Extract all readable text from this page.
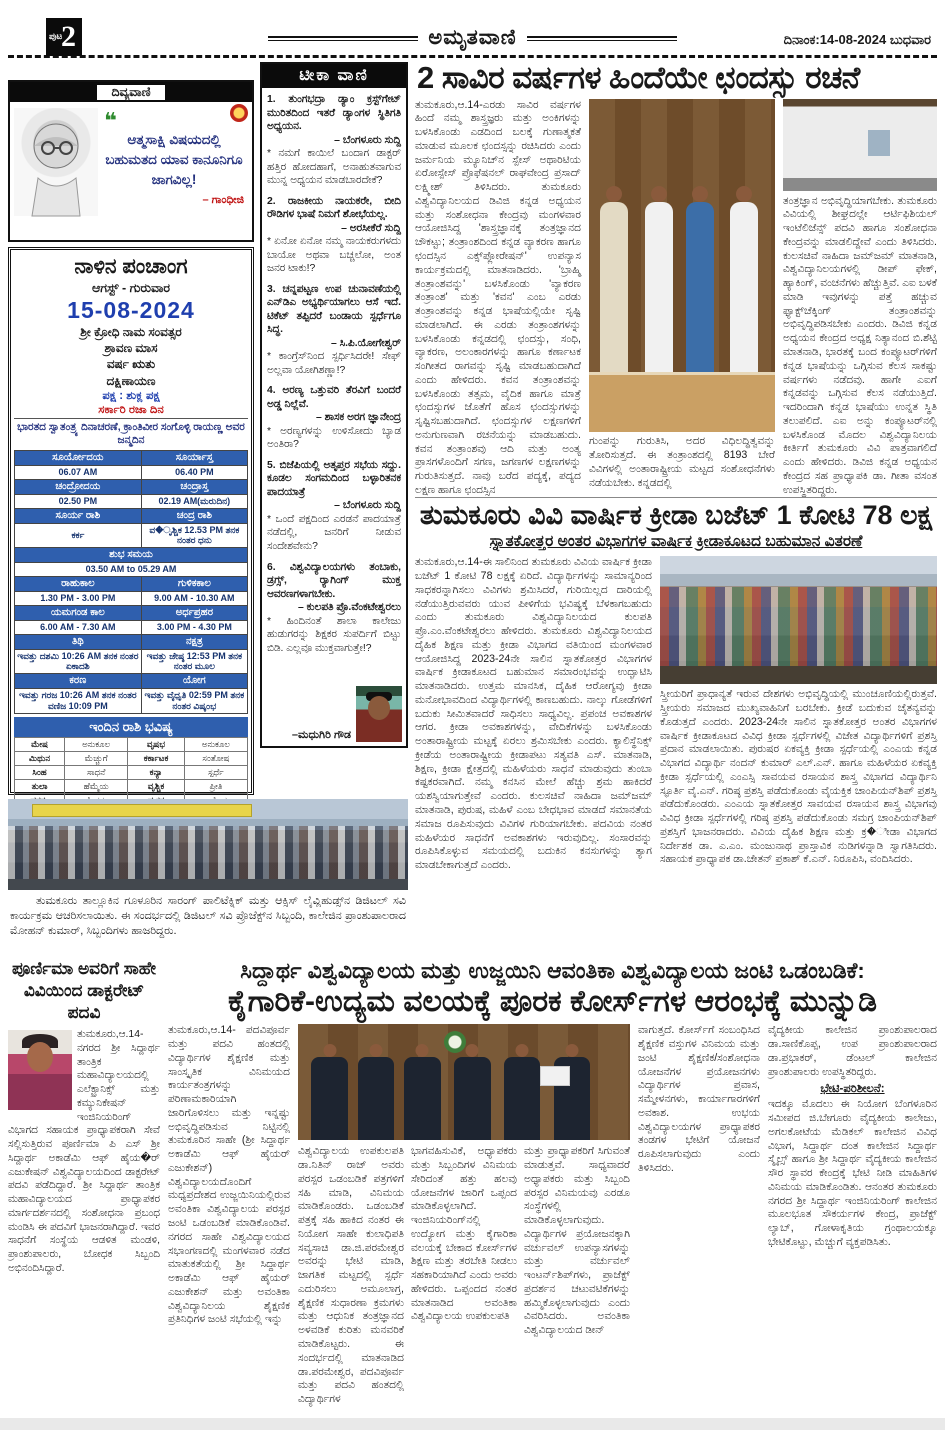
ಪುಟ
2	ಅಮೃತವಾಣಿ	ದಿನಾಂಕ:14-08-2024 ಬುಧವಾರ
ದಿವ್ಯವಾಣಿ
❝
ಆತ್ಮಸಾಕ್ಷಿ ವಿಷಯದಲ್ಲಿ ಬಹುಮತದ ಯಾವ ಕಾನೂನಿಗೂ ಜಾಗವಿಲ್ಲ!
– ಗಾಂಧೀಜಿ
ನಾಳಿನ ಪಂಚಾಂಗ
ಆಗಸ್ಟ್ - ಗುರುವಾರ
15-08-2024
ಶ್ರೀ ಕ್ರೋಧಿ ನಾಮ ಸಂವತ್ಸರ
ಶ್ರಾವಣ ಮಾಸ
ವರ್ಷ ಋತು
ದಕ್ಷಿಣಾಯಣ
ಪಕ್ಷ : ಶುಕ್ಲ ಪಕ್ಷ
ಸರ್ಕಾರಿ ರಜಾ ದಿನ
ಭಾರತದ ಸ್ವಾತಂತ್ರ್ಯ ದಿನಾಚರಣೆ, ಕ್ರಾಂತಿವೀರ ಸಂಗೊಳ್ಳಿ ರಾಯಣ್ಣ ಅವರ ಜನ್ಮದಿನ
ಸೂರ್ಯೋದಯ	ಸೂರ್ಯಾಸ್ತ
06.07 AM	06.40 PM
ಚಂದ್ರೋದಯ	ಚಂದ್ರಾಸ್ತ
02.50 PM	02.19 AM(ಮರುದಿನ)
ಸೂರ್ಯ ರಾಶಿ	ಚಂದ್ರ ರಾಶಿ
ಕರ್ಕ	ವ�ೃಶ್ಚಿಕ 12.53 PM ತನಕ ನಂತರ ಧನು
ಶುಭ ಸಮಯ	
03.50 AM to 05.29 AM	
ರಾಹುಕಾಲ	ಗುಳಿಕಕಾಲ
1.30 PM - 3.00 PM	9.00 AM - 10.30 AM
ಯಮಗಂಡ ಕಾಲ	ಅರ್ಧಪ್ರಹರ
6.00 AM - 7.30 AM	3.00 PM - 4.30 PM
ತಿಥಿ	ನಕ್ಷತ್ರ
ಇವತ್ತು ದಶಮಿ 10:26 AM ತನಕ ನಂತರ ಏಕಾದಶಿ	ಇವತ್ತು ಜೇಷ್ಠ 12:53 PM ತನಕ ನಂತರ ಮೂಲ
ಕರಣ	ಯೋಗ
ಇವತ್ತು ಗರಜ 10:26 AM ತನಕ ನಂತರ ವಣಿಜ 10:09 PM	ಇವತ್ತು ವೈಧೃತಿ 02:59 PM ತನಕ ನಂತರ ವಿಷ್ಕಂಭ
ಇಂದಿನ ರಾಶಿ ಭವಿಷ್ಯ
ಮೇಷ	ಅನುಕೂಲ	ವೃಷಭ	ಅನುಕೂಲ
ಮಿಥುನ	ಮೆಚ್ಚುಗೆ	ಕರ್ಕಾಟಕ	ಸಂತೋಷ
ಸಿಂಹ	ಸಾಧನೆ	ಕನ್ಯಾ	ಸ್ಪರ್ಧೆ
ತುಲಾ	ಹೆಮ್ಮೆಯ	ವೃಶ್ಚಿಕ	ಪ್ರೀತಿ

ಟೀಕಾ ವಾಣಿ
1. ತುಂಗಭದ್ರಾ ಡ್ಯಾಂ ಕ್ರಸ್ಟ್‌ಗೇಟ್ ಮುರಿತದಿಂದ ಇತರೆ ಡ್ಯಾಂಗಳ ಸ್ಥಿತಿಗತಿ ಅಧ್ಯಯನ.
– ಬೆಂಗಳೂರು ಸುದ್ದಿ
* ನಮಗೆ ಕಾಯಿಲೆ ಬಂದಾಗ ಡಾಕ್ಟರ್ ಹತ್ತಿರ ಹೋದಹಾಗೆ, ಅನಾಹುತವಾಗುವ ಮುನ್ನ ಅಧ್ಯಯನ ಮಾಡಬಾರದೇಕೆ?
2. ರಾಜಕೀಯ ನಾಯಕರೇ, ಬೀದಿ ರೌಡಿಗಳ ಭಾಷೆ ನಿಮಗೆ ಶೋಭೆಯಲ್ಲ.
– ಅರಸೀಕೆರೆ ಸುದ್ದಿ
* ಏನೋ ಏನೋ ನಮ್ಮ ನಾಯಕರುಗಳದು ಬಾಯೋ ಅಥವಾ ಬಚ್ಚಲೋ, ಅಂತ ಜನರ ಟಾಕು!?
3. ಚನ್ನಪಟ್ಟಣ ಉಪ ಚುನಾವಣೆಯಲ್ಲಿ ಎನ್‌ಡಿಎ ಅಭ್ಯರ್ಥಿಯಾಗಲು ಆಸೆ ಇದೆ. ಟಿಕೆಟ್ ತಪ್ಪಿದರೆ ಬಂಡಾಯ ಸ್ಪರ್ಧೆಗೂ ಸಿದ್ಧ.
– ಸಿ.ಪಿ.ಯೋಗೇಶ್ವರ್
* ಕಾಂಗ್ರೆಸ್‌ನಿಂದ ಸ್ಪರ್ಧಿಸಿದರೇ! ಸೇಫ್ ಅಲ್ಲವಾ ಯೋಗಿಶಣ್ಣಾ!?
4. ಅರಣ್ಯ ಒತ್ತುವರಿ ತೆರವಿಗೆ ಬಂದರೆ ಅಡ್ಡ ನಿಲ್ಲೆವೆ.
– ಶಾಸಕ ಅರಗ ಜ್ಞಾನೇಂದ್ರ
* ಅರಣ್ಯಗಳನ್ನು ಉಳಿಸೋದು ಬ್ಯಾಡ ಅಂತಿರಾ?
5. ಬಿಜೆಪಿಯಲ್ಲಿ ಅತೃಪ್ತರ ಸಭೆಯ ಸದ್ದು. ಕೂಡಲ ಸಂಗಮದಿಂದ ಬಳ್ಳಾರಿತನಕ ಪಾದಯಾತ್ರೆ
– ಬೆಂಗಳೂರು ಸುದ್ದಿ
* ಒಂದೆ ಪಕ್ಷದಿಂದ ಎರಡನೆ ಪಾದಯಾತ್ರೆ ನಡೆದಲ್ಲಿ, ಜನರಿಗೆ ನೀಡುವ ಸಂದೇಶವೇನು?
6. ವಿಶ್ವವಿದ್ಯಾಲಯಗಳು ತಂಬಾಕು, ಡ್ರಗ್ಸ್, ರ‍್ಯಾಗಿಂಗ್ ಮುಕ್ತ ಆವರಣಗಳಾಗಬೇಕು.
– ಕುಲಪತಿ ಪ್ರೊ.ವೆಂಕಟೇಶ್ವರಲು
* ಹಿಂದಿನಂತೆ ಶಾಲಾ ಕಾಲೇಜು ಹುಡುಗರನ್ನು ಶಿಕ್ಷಕರ ಸುಪರ್ದಿಗೆ ಬಿಟ್ಟು ಬಿಡಿ. ಎಲ್ಲವೂ ಮುಕ್ತವಾಗುತ್ತೇ!?
–ಮಧುಗಿರಿ ಗೌಡ
ತುಮಕೂರು ತಾಲ್ಲೂಕಿನ ಗೂಳೂರಿನ ಸಾರಂಗ್ ಪಾಲಿಟೆಕ್ನಿಕ್ ಮತ್ತು ಆಕ್ಸಿಸ್ ಲೈವ್ಲಿಹುಡ್ಸ್‌ನ ಡಿಜಿಟಲ್ ಸವಿ ಕಾರ್ಯಕ್ರಮ ಆಚರಿಸಲಾಯಿತು. ಈ ಸಂದರ್ಭದಲ್ಲಿ ಡಿಜಿಟಲ್ ಸವಿ ಪ್ರೊಜೆಕ್ಟ್‌ನ ಸಿಬ್ಬಂದಿ, ಕಾಲೇಜಿನ ಪ್ರಾಂಶುಪಾಲರಾದ ಮೋಹನ್ ಕುಮಾರ್, ಸಿಬ್ಬಂದಿಗಳು ಹಾಜರಿದ್ದರು.
2 ಸಾವಿರ ವರ್ಷಗಳ ಹಿಂದೆಯೇ ಛಂದಸ್ಸು ರಚನೆ
ತುಮಕೂರು,ಆ.14-ಎರಡು ಸಾವಿರ ವರ್ಷಗಳ ಹಿಂದೆ ನಮ್ಮ ಶಾಸ್ತ್ರಜ್ಞರು ಮತ್ತು ಅಂಕಿಗಳನ್ನು ಬಳಸಿಕೊಂಡು ಎಡದಿಂದ ಬಲಕ್ಕೆ ಗುಣಾತ್ಮಕತೆ ಮಾಡುವ ಮೂಲಕ ಛಂದಸ್ಸನ್ನು ರಚಿಸಿದರು ಎಂದು ಜರ್ಮನಿಯ ಮ್ಯೂನಿಚ್‌ನ ಸ್ಪೇಸ್ ಅಥಾರಿಟಿಯ ಏರೋಸ್ಪೇಸ್ ಪ್ರೊಫೆಷನಲ್ ರಾಘವೇಂದ್ರ ಪ್ರಸಾದ್ ಲಕ್ಷ್ಮೀಶ್ ತಿಳಿಸಿದರು. ತುಮಕೂರು ವಿಶ್ವವಿದ್ಯಾನಿಲಯದ ಡಿವಿಜಿ ಕನ್ನಡ ಅಧ್ಯಯನ ಮತ್ತು ಸಂಶೋಧನಾ ಕೇಂದ್ರವು ಮಂಗಳವಾರ ಆಯೋಜಿಸಿದ್ದ 'ಶಾಸ್ತ್ರಜ್ಞಾನಕ್ಕೆ ತಂತ್ರಜ್ಞಾನದ ಚೌಕಟ್ಟು; ತಂತ್ರಾಂಶದಿಂದ ಕನ್ನಡ ವ್ಯಾಕರಣ ಹಾಗೂ ಛಂದಸ್ಸಿನ ಎಕ್ಸ್‌ಪ್ಲೋರೇಷನ್' ಉಪನ್ಯಾಸ ಕಾರ್ಯಕ್ರಮದಲ್ಲಿ ಮಾತನಾಡಿದರು. 'ಬ್ರಾಹ್ಮಿ ತಂತ್ರಾಂಶವನ್ನು' ಬಳಸಿಕೊಂಡು 'ವ್ಯಾಕರಣ ತಂತ್ರಾಂಶ' ಮತ್ತು 'ಕವನ' ಎಂಬ ಎರಡು ತಂತ್ರಾಂಶವನ್ನು ಕನ್ನಡ ಭಾಷೆಯಲ್ಲಿಯೇ ಸೃಷ್ಟಿ ಮಾಡಲಾಗಿದೆ. ಈ ಎರಡು ತಂತ್ರಾಂಶಗಳನ್ನು ಬಳಸಿಕೊಂಡು ಕನ್ನಡದಲ್ಲಿ ಛಂದಸ್ಸು, ಸಂಧಿ, ವ್ಯಾಕರಣ, ಅಲಂಕಾರಗಳನ್ನು ಹಾಗೂ ಕರ್ಣಾಟಕ ಸಂಗೀತದ ರಾಗವನ್ನು ಸೃಷ್ಟಿ ಮಾಡಬಹುದಾಗಿದೆ ಎಂದು ಹೇಳಿದರು. ಕವನ ತಂತ್ರಾಂಶವನ್ನು ಬಳಸಿಕೊಂಡು ತತ್ಸಮ, ವೈದಿಕ ಹಾಗೂ ಮಾತ್ರೆ ಛಂದಸ್ಸುಗಳ ಜೊತೆಗೆ ಹೊಸ ಛಂದಸ್ಸುಗಳನ್ನು ಸೃಷ್ಟಿಸಬಹುದಾಗಿದೆ. ಛಂದಸ್ಸುಗಳ ಲಕ್ಷಣಗಳಿಗೆ ಅನುಗುಣವಾಗಿ ರಚನೆಯನ್ನು ಮಾಡಬಹುದು. ಕವನ ತಂತ್ರಾಂಶವು ಆದಿ ಮತ್ತು ಅಂತ್ಯ ಪ್ರಾಸಗಳೊಂದಿಗೆ ಸಗಣ, ಜಗಣಗಳ ಲಕ್ಷಣಗಳನ್ನು ಗುರುತಿಸುತ್ತದೆ. ನಾವು ಬರೆದ ಪದ್ಯಕ್ಕೆ, ಪದ್ಯದ ಲಕ್ಷಣ ಹಾಗೂ ಛಂದಸ್ಸಿನ
ಗುಂಪನ್ನು ಗುರುತಿಸಿ, ಅದರ ವಿಧಿಲದ್ಧಿತ್ವವನ್ನು ತೋರಿಸುತ್ತದೆ. ಈ ತಂತ್ರಾಂಶದಲ್ಲಿ 8193 ಬೇರೆ ವಿವಿಗಳಲ್ಲಿ ಅಂತಾರಾಷ್ಟ್ರೀಯ ಮಟ್ಟದ ಸಂಶೋಧನೆಗಳು ನಡೆಯಬೇಕು. ಕನ್ನಡದಲ್ಲಿ
ತಂತ್ರಜ್ಞಾನ ಅಭಿವೃದ್ಧಿಯಾಗಬೇಕು. ತುಮಕೂರು ವಿವಿಯಲ್ಲಿ ಶೀಘ್ರದಲ್ಲೇ ಆರ್ಟಿಫಿಶಿಯಲ್ ಇಂಟೆಲಿಜೆನ್ಸ್ ಪದವಿ ಹಾಗೂ ಸಂಶೋಧನಾ ಕೇಂದ್ರವನ್ನು ಮಾಡಲಿದ್ದೇವೆ ಎಂದು ತಿಳಿಸಿದರು. ಕುಲಸಚಿವೆ ನಾಹಿದಾ ಜಮ್‌ಜಮ್ ಮಾತನಾಡಿ, ವಿಶ್ವವಿದ್ಯಾನಿಲಯಗಳಲ್ಲಿ ಡೀಪ್ ಫೇಕ್, ಹ್ಯಾಕಿಂಗ್, ವಂಚನೆಗಳು ಹೆಚ್ಚುತ್ತಿವೆ. ಎಐ ಬಳಕೆ ಮಾಡಿ ಇವುಗಳನ್ನು ಪತ್ತೆ ಹಚ್ಚುವ ಫ್ಯಾಕ್ಟ್‌ಚೆಕ್ಕಿಂಗ್ ತಂತ್ರಾಂಶವನ್ನು ಅಭಿವೃದ್ಧಿಪಡಿಸಬೇಕು ಎಂದರು. ಡಿವಿಜಿ ಕನ್ನಡ ಅಧ್ಯಯನ ಕೇಂದ್ರದ ಅಧ್ಯಕ್ಷ ನಿತ್ಯಾನಂದ ಬಿ.ಶೆಟ್ಟಿ ಮಾತನಾಡಿ, ಭಾರತಕ್ಕೆ ಬಂದ ಕಂಪ್ಯೂಟರ್‌ಗಳಿಗೆ ಕನ್ನಡ ಭಾಷೆಯನ್ನು ಒಗ್ಗಿಸುವ ಕೆಲಸ ಸಾಕಷ್ಟು ವರ್ಷಗಳು ನಡೆದವು. ಹಾಗೇ ಎಐಗೆ ಕನ್ನಡವನ್ನು ಒಗ್ಗಿಸುವ ಕೆಲಸ ನಡೆಯುತ್ತಿದೆ. ಇದರಿಂದಾಗಿ ಕನ್ನಡ ಭಾಷೆಯು ಉನ್ನತ ಸ್ಥಿತಿ ತಲುಪಲಿದೆ. ಎಐ ಅನ್ನು ಕಂಪ್ಯೂಟರ್‌ನಲ್ಲಿ ಬಳಸಿಕೊಂಡ ಮೊದಲ ವಿಶ್ವವಿದ್ಯಾನಿಲಯ ಕೀರ್ತಿಗೆ ತುಮಕೂರು ವಿವಿ ಪಾತ್ರವಾಗಲಿದೆ ಎಂದು ಹೇಳಿದರು. ಡಿವಿಜಿ ಕನ್ನಡ ಅಧ್ಯಯನ ಕೇಂದ್ರದ ಸಹ ಪ್ರಾಧ್ಯಾಪಕಿ ಡಾ. ಗೀತಾ ವಸಂತ ಉಪಸ್ಥಿತರಿದ್ದರು.
ತುಮಕೂರು ವಿವಿ ವಾರ್ಷಿಕ ಕ್ರೀಡಾ ಬಜೆಟ್ 1 ಕೋಟಿ 78 ಲಕ್ಷ
ಸ್ನಾತಕೋತ್ತರ ಅಂತರ ವಿಭಾಗಗಳ ವಾರ್ಷಿಕ ಕ್ರೀಡಾಕೂಟದ ಬಹುಮಾನ ವಿತರಣೆ
ತುಮಕೂರು,ಆ.14-ಈ ಸಾಲಿನಿಂದ ತುಮಕೂರು ವಿವಿಯ ವಾರ್ಷಿಕ ಕ್ರೀಡಾ ಬಜೆಟ್ 1 ಕೋಟಿ 78 ಲಕ್ಷಕ್ಕೆ ಏರಿದೆ. ವಿದ್ಯಾರ್ಥಿಗಳನ್ನು ಸಾಮಾನ್ಯರಿಂದ ಸಾಧಕರನ್ನಾಗಿಸಲು ವಿವಿಗಳು ಶ್ರಮಿಸಿದರೆ, ಗುರಿಯಿಲ್ಲದ ದಾರಿಯಲ್ಲಿ ನಡೆಯುತ್ತಿರುವವರು ಯುವ ಪೀಳಿಗೆಯ ಭವಿಷ್ಯಕ್ಕೆ ಬೆಳಕಾಗಬಹುದು ಎಂದು ತುಮಕೂರು ವಿಶ್ವವಿದ್ಯಾನಿಲಯದ ಕುಲಪತಿ ಪ್ರೊ.ಎಂ.ವೆಂಕಟೇಶ್ವರಲು ಹೇಳಿದರು. ತುಮಕೂರು ವಿಶ್ವವಿದ್ಯಾನಿಲಯದ ದೈಹಿಕ ಶಿಕ್ಷಣ ಮತ್ತು ಕ್ರೀಡಾ ವಿಭಾಗದ ವತಿಯಿಂದ ಮಂಗಳವಾರ ಆಯೋಜಿಸಿದ್ದ 2023-24ನೇ ಸಾಲಿನ ಸ್ನಾತಕೋತ್ತರ ವಿಭಾಗಗಳ ವಾರ್ಷಿಕ ಕ್ರೀಡಾಕೂಟದ ಬಹುಮಾನ ಸಮಾರಂಭವನ್ನು ಉದ್ಘಾಟಿಸಿ ಮಾತನಾಡಿದರು. ಉತ್ತಮ ಮಾನಸಿಕ, ದೈಹಿಕ ಆರೋಗ್ಯವು ಕ್ರೀಡಾ ಮನೋಭಾವದಿಂದ ವಿದ್ಯಾರ್ಥಿಗಳಲ್ಲಿ ಕಾಣಬಹುದು. ನಾಲ್ಕು ಗೋಡೆಗಳಿಗೆ ಬದುಕು ಸೀಮಿತವಾದರೆ ಸಾಧಿಸಲು ಸಾಧ್ಯವಿಲ್ಲ. ಪ್ರಪಂಚ ಅವಕಾಶಗಳ ಆಗರ. ಕ್ರೀಡಾ ಅವಕಾಶಗಳನ್ನು, ವೇದಿಕೆಗಳನ್ನು ಬಳಸಿಕೊಂಡು ಅಂತಾರಾಷ್ಟ್ರೀಯ ಮಟ್ಟಕ್ಕೆ ಏರಲು ಶ್ರಮಿಸಬೇಕು ಎಂದರು. ಕ್ಯಾಲಿಸ್ಥೆನಿಕ್ಸ್ ಕ್ರೀಡೆಯ ಅಂತಾರಾಷ್ಟ್ರೀಯ ಕ್ರೀಡಾಪಟು ಸತ್ಯವತಿ ಎಸ್. ಮಾತನಾಡಿ, ಶಿಕ್ಷಣ, ಕ್ರೀಡಾ ಕ್ಷೇತ್ರದಲ್ಲಿ ಮಹಿಳೆಯರು ಸಾಧನೆ ಮಾಡುವುದು ತುಂಬಾ ಕಷ್ಟಕರವಾಗಿದೆ. ನಮ್ಮ ಕನಸಿನ ಮೇಲೆ ಹೆಚ್ಚು ಶ್ರಮ ಹಾಕಿದರೆ ಯಶಸ್ವಿಯಾಗುತ್ತೇವೆ ಎಂದರು. ಕುಲಸಚಿವೆ ನಾಹಿದಾ ಜಮ್‌ಜಮ್ ಮಾತನಾಡಿ, ಪುರುಷ, ಮಹಿಳೆ ಎಂಬ ಬೇಧಭಾವ ಮಾಡದೆ ಸಮಾನತೆಯ ಸಮಾಜ ರೂಪಿಸುವುದು ವಿವಿಗಳ ಗುರಿಯಾಗಬೇಕು. ಪದವಿಯ ನಂತರ ಮಹಿಳೆಯರ ಸಾಧನೆಗೆ ಅವಕಾಶಗಳು ಇರುವುದಿಲ್ಲ. ಸಂಸಾರವನ್ನು ರೂಪಿಸಿಕೊಳ್ಳುವ ಸಮಯದಲ್ಲಿ ಬದುಕಿನ ಕನಸುಗಳನ್ನು ತ್ಯಾಗ ಮಾಡಬೇಕಾಗುತ್ತದೆ ಎಂದರು.
ಸ್ತ್ರೀಯರಿಗೆ ಪ್ರಾಧಾನ್ಯತೆ ಇರುವ ದೇಶಗಳು ಅಭಿವೃದ್ಧಿಯಲ್ಲಿ ಮುಂಚೂಣಿಯಲ್ಲಿರುತ್ತವೆ. ಸ್ತ್ರೀಯರು ಸಮಾಜದ ಮುಖ್ಯವಾಹಿನಿಗೆ ಬರಬೇಕು. ಕ್ರೀಡೆ ಬದುಕುವ ಚೈತನ್ಯವನ್ನು ಕೊಡುತ್ತದೆ ಎಂದರು. 2023-24ನೇ ಸಾಲಿನ ಸ್ನಾತಕೋತ್ತರ ಅಂತರ ವಿಭಾಗಗಳ ವಾರ್ಷಿಕ ಕ್ರೀಡಾಕೂಟದ ವಿವಿಧ ಕ್ರೀಡಾ ಸ್ಪರ್ಧೆಗಳಲ್ಲಿ ವಿಜೇತ ವಿದ್ಯಾರ್ಥಿಗಳಿಗೆ ಪ್ರಶಸ್ತಿ ಪ್ರದಾನ ಮಾಡಲಾಯಿತು. ಪುರುಷರ ಏಕವ್ಯಕ್ತಿ ಕ್ರೀಡಾ ಸ್ಪರ್ಧೆಯಲ್ಲಿ ಎಂಎಯ ಕನ್ನಡ ವಿಭಾಗದ ವಿದ್ಯಾರ್ಥಿ ನಂದನ್ ಕುಮಾರ್ ಎಲ್.ಎನ್. ಹಾಗೂ ಮಹಿಳೆಯರ ಏಕವ್ಯಕ್ತಿ ಕ್ರೀಡಾ ಸ್ಪರ್ಧೆಯಲ್ಲಿ ಎಂಎಸ್ಸಿ ಸಾವಯವ ರಸಾಯನ ಶಾಸ್ತ್ರ ವಿಭಾಗದ ವಿದ್ಯಾರ್ಥಿನಿ ಸ್ಫೂರ್ತಿ ವೈ.ಎನ್. ಗರಿಷ್ಠ ಪ್ರಶಸ್ತಿ ಪಡೆದುಕೊಂಡು ವೈಯಕ್ತಿಕ ಚಾಂಪಿಯನ್‌ಶಿಪ್ ಪ್ರಶಸ್ತಿ ಪಡೆದುಕೊಂಡರು. ಎಂಎಯ ಸ್ನಾತಕೋತ್ತರ ಸಾವಯವ ರಸಾಯನ ಶಾಸ್ತ್ರ ವಿಭಾಗವು ವಿವಿಧ ಕ್ರೀಡಾ ಸ್ಪರ್ಧೆಗಳಲ್ಲಿ ಗರಿಷ್ಠ ಪ್ರಶಸ್ತಿ ಪಡೆದುಕೊಂಡು ಸಮಗ್ರ ಚಾಂಪಿಯನ್‌ಶಿಪ್ ಪ್ರಶಸ್ತಿಗೆ ಭಾಜನರಾದರು. ವಿವಿಯ ದೈಹಿಕ ಶಿಕ್ಷಣ ಮತ್ತು ಕ್ರ�ೀಡಾ ವಿಭಾಗದ ನಿರ್ದೇಶಕ ಡಾ. ಎ.ಎಂ. ಮಂಜುನಾಥ ಪ್ರಾಸ್ತಾವಿಕ ನುಡಿಗಳನ್ನಾಡಿ ಸ್ವಾಗತಿಸಿದರು. ಸಹಾಯಕ ಪ್ರಾಧ್ಯಾಪಕ ಡಾ.ಚೇತನ್ ಪ್ರಕಾಶ್ ಕೆ.ಎನ್. ನಿರೂಪಿಸಿ, ವಂದಿಸಿದರು.
ಪೂರ್ಣಿಮಾ ಅವರಿಗೆ ಸಾಹೇ ವಿವಿಯಿಂದ ಡಾಕ್ಟರೇಟ್ ಪದವಿ
ತುಮಕೂರು,ಆ.14- ನಗರದ ಶ್ರೀ ಸಿದ್ದಾರ್ಥ ತಾಂತ್ರಿಕ ಮಹಾವಿದ್ಯಾಲಯದಲ್ಲಿ ಎಲೆಕ್ಟ್ರಾನಿಕ್ಸ್ ಮತ್ತು ಕಮ್ಯುನಿಕೇಷನ್ ಇಂಜಿನಿಯರಿಂಗ್ ವಿಭಾಗದ ಸಹಾಯಕ ಪ್ರಾಧ್ಯಾಪಕರಾಗಿ ಸೇವೆ ಸಲ್ಲಿಸುತ್ತಿರುವ ಪೂರ್ಣಿಮಾ ಪಿ ಎಸ್ ಶ್ರೀ ಸಿದ್ದಾರ್ಥ ಅಕಾಡೆಮಿ ಆಫ್ ಹೈಯ�ರ್ ಎಜುಕೇಷನ್ ವಿಶ್ವವಿದ್ಯಾಲಯದಿಂದ ಡಾಕ್ಟರೇಟ್ ಪದವಿ ಪಡೆದಿದ್ದಾರೆ. ಶ್ರೀ ಸಿದ್ದಾರ್ಥ ತಾಂತ್ರಿಕ ಮಹಾವಿದ್ಯಾಲಯದ ಪ್ರಾಧ್ಯಾಪಕರ ಮಾರ್ಗದರ್ಶನದಲ್ಲಿ ಸಂಶೋಧನಾ ಪ್ರಬಂಧ ಮಂಡಿಸಿ ಈ ಪದವಿಗೆ ಭಾಜನರಾಗಿದ್ದಾರೆ. ಇವರ ಸಾಧನೆಗೆ ಸಂಸ್ಥೆಯ ಆಡಳಿತ ಮಂಡಳಿ, ಪ್ರಾಂಶುಪಾಲರು, ಬೋಧಕ ಸಿಬ್ಬಂದಿ ಅಭಿನಂದಿಸಿದ್ದಾರೆ.
ಸಿದ್ದಾರ್ಥ ವಿಶ್ವವಿದ್ಯಾಲಯ ಮತ್ತು ಉಜ್ಜಯಿನಿ ಆವಂತಿಕಾ ವಿಶ್ವವಿದ್ಯಾಲಯ ಜಂಟಿ ಒಡಂಬಡಿಕೆ:
ಕೈಗಾರಿಕೆ-ಉದ್ಯಮ ವಲಯಕ್ಕೆ ಪೂರಕ ಕೋರ್ಸ್‌ಗಳ ಆರಂಭಕ್ಕೆ ಮುನ್ನುಡಿ
ತುಮಕೂರು,ಆ.14- ಪದವಿಪೂರ್ವ ಮತ್ತು ಪದವಿ ಹಂತದಲ್ಲಿ ವಿದ್ಯಾರ್ಥಿಗಳ ಶೈಕ್ಷಣಿಕ ಮತ್ತು ಸಾಂಸ್ಕೃತಿಕ ವಿನಿಮಯದ ಕಾರ್ಯತಂತ್ರಗಳನ್ನು ಪರಿಣಾಮಕಾರಿಯಾಗಿ ಜಾರಿಗೊಳಿಸಲು ಮತ್ತು ಇನ್ನಷ್ಟು ಅಭಿವೃದ್ಧಿಪಡಿಸುವ ನಿಟ್ಟಿನಲ್ಲಿ ತುಮಕೂರಿನ ಸಾಹೇ (ಶ್ರೀ ಸಿದ್ದಾರ್ಥ ಅಕಾಡೆಮಿ ಆಫ್ ಹೈಯರ್ ಎಜುಕೇಶನ್) ವಿಶ್ವವಿದ್ಯಾಲಯದೊಂದಿಗೆ ಮಧ್ಯಪ್ರದೇಶದ ಉಜ್ಜಯಿನಿಯಲ್ಲಿರುವ ಅವಂತಿಕಾ ವಿಶ್ವವಿದ್ಯಾಲಯ ಪರಸ್ಪರ ಜಂಟಿ ಒಡಂಬಡಿಕೆ ಮಾಡಿಕೊಂಡಿವೆ. ನಗರದ ಸಾಹೇ ವಿಶ್ವವಿದ್ಯಾಲಯದ ಸಭಾಂಗಣದಲ್ಲಿ ಮಂಗಳವಾರ ನಡೆದ ಮಾತುಕತೆಯಲ್ಲಿ ಶ್ರೀ ಸಿದ್ದಾರ್ಥ ಅಕಾಡೆಮಿ ಆಫ್ ಹೈಯರ್ ಎಜುಕೇಶನ್ ಮತ್ತು ಅವಂತಿಕಾ ವಿಶ್ವವಿದ್ಯಾನಿಲಯ ಶೈಕ್ಷಣಿಕ ಪ್ರತಿನಿಧಿಗಳ ಜಂಟಿ ಸಭೆಯಲ್ಲಿ ಇನ್ನು
ವಿಶ್ವವಿದ್ಯಾಲಯ ಉಪಕುಲಪತಿ ಡಾ.ನಿತಿನ್ ರಾಜ್ ಅವರು ಪರಸ್ಪರ ಒಡಂಬಡಿಕೆ ಪತ್ರಗಳಿಗೆ ಸಹಿ ಮಾಡಿ, ವಿನಿಮಯ ಮಾಡಿಕೊಂಡರು. ಒಡಂಬಡಿಕೆ ಪತ್ರಕ್ಕೆ ಸಹಿ ಹಾಕಿದ ನಂತರ ಈ ನಿಯೋಗ ಸಾಹೇ ಕುಲಾಧಿಪತಿ ಸವ್ಯಸಾಚಿ ಡಾ.ಜಿ.ಪರಮೇಶ್ವರ ಅವರನ್ನು ಭೇಟಿ ಮಾಡಿ, ಜಾಗತಿಕ ಮಟ್ಟದಲ್ಲಿ ಸ್ಪರ್ಧೆ ಎದುರಿಸಲು ಅಮೂಲಾಗ್ರ, ಶೈಕ್ಷಣಿಕ ಸುಧಾರಣಾ ಕ್ರಮಗಳು ಮತ್ತು ಆಧುನಿಕ ತಂತ್ರಜ್ಞಾನದ ಅಳವಡಿಕೆ ಕುರಿತು ಮನವರಿಕೆ ಮಾಡಿಕೊಟ್ಟರು. ಈ ಸಂದರ್ಭದಲ್ಲಿ ಮಾತನಾಡಿದ ಡಾ.ಪರಮೇಶ್ವರ, ಪದವಿಪೂರ್ವ ಮತ್ತು ಪದವಿ ಹಂತದಲ್ಲಿ ವಿದ್ಯಾರ್ಥಿಗಳ
ಭಾಗವಹಿಸುವಿಕೆ, ಅಧ್ಯಾಪಕರು ಮತ್ತು ಸಿಬ್ಬಂದಿಗಳ ವಿನಿಮಯ ಸೇರಿದಂತೆ ಹತ್ತು ಹಲವು ಯೋಜನೆಗಳ ಜಾರಿಗೆ ಒಪ್ಪಂದ ಮಾಡಿಕೊಳ್ಳಲಾಗಿದೆ. ಇಂಜಿನಿಯರಿಂಗ್‌ನಲ್ಲಿ ಉದ್ಯೋಗ ಮತ್ತು ಕೈಗಾರಿಕಾ ವಲಯಕ್ಕೆ ಬೇಕಾದ ಕೋರ್ಸ್‌ಗಳ ಶಿಕ್ಷಣ ಮತ್ತು ತರಬೇತಿ ನೀಡಲು ಸಹಕಾರಿಯಾಗಿದೆ ಎಂದು ಅವರು ಹೇಳಿದರು. ಒಪ್ಪಂದದ ನಂತರ ಮಾತನಾಡಿದ ಅವಂತಿಕಾ ವಿಶ್ವವಿದ್ಯಾಲಯ ಉಪಕುಲಪತಿ
ಮತ್ತು ಪ್ರಾಧ್ಯಾಪಕರಿಗೆ ಸಿಗುವಂತೆ ಮಾಡುತ್ತವೆ. ಸಾಧ್ಯವಾದರೆ ಅಧ್ಯಾಪಕರು ಮತ್ತು ಸಿಬ್ಬಂದಿ ಪರಸ್ಪರ ವಿನಿಮಯವು ಎರಡೂ ಸಂಸ್ಥೆಗಳಲ್ಲಿ ಮಾಡಿಕೊಳ್ಳಲಾಗುವುದು. ವಿದ್ಯಾರ್ಥಿಗಳ ಪ್ರಯೋಜನಕ್ಕಾಗಿ ವರ್ಚುವಲ್ ಉಪನ್ಯಾಸಗಳನ್ನು ಮತ್ತು ವರ್ಚುವಲ್ ಇಂಟರ್ನ್‌ಶಿಪ್‌ಗಳು, ಪ್ರಾಜೆಕ್ಟ್ ಪ್ರದರ್ಶನ ಚಟುವಟಿಕೆಗಳನ್ನು ಹಮ್ಮಿಕೊಳ್ಳಲಾಗುವುದು ಎಂದು ವಿವರಿಸಿದರು. ಅವಂತಿಕಾ ವಿಶ್ವವಿದ್ಯಾಲಯದ ಡೀನ್
ವಾಗುತ್ತದೆ. ಕೋರ್ಸ್‌ಗೆ ಸಂಬಂಧಿಸಿದ ಶೈಕ್ಷಣಿಕ ವಸ್ತುಗಳ ವಿನಿಮಯ ಮತ್ತು ಜಂಟಿ ಶೈಕ್ಷಣಿಕ/ಸಂಶೋಧನಾ ಯೋಜನೆಗಳ ಪ್ರಯೋಜನಗಳು ವಿದ್ಯಾರ್ಥಿಗಳ ಪ್ರವಾಸ, ಸಮ್ಮೇಳನಗಳು, ಕಾರ್ಯಾಗಾರಗಳಿಗೆ ಅವಕಾಶ. ಉಭಯ ವಿಶ್ವವಿದ್ಯಾಲಯಗಳ ಪ್ರಾಧ್ಯಾಪಕರ ತಂಡಗಳ ಭೇಟಿಗೆ ಯೋಜನೆ ರೂಪಿಸಲಾಗುವುದು ಎಂದು ತಿಳಿಸಿದರು.
ವೈದ್ಯಕೀಯ ಕಾಲೇಜಿನ ಪ್ರಾಂಶುಪಾಲರಾದ ಡಾ.ಸಾಣಿಕೊಪ್ಪ, ಉಪ ಪ್ರಾಂಶುಪಾಲರಾದ ಡಾ.ಪ್ರಭಾಕರ್, ಡೆಂಟಲ್ ಕಾಲೇಜಿನ ಪ್ರಾಂಶುಪಾಲರು ಉಪಸ್ಥಿತರಿದ್ದರು.
ಭೇಟಿ-ಪರಿಶೀಲನೆ:
ಇದಕ್ಕೂ ಮೊದಲು ಈ ನಿಯೋಗ ಬೆಂಗಳೂರಿನ ಸಮೀಪದ ಜಿ.ಬೇಗೂರು ವೈದ್ಯಕೀಯ ಕಾಲೇಜು, ಅಗಲಕೋಟೆಯ ಮೆಡಿಕಲ್ ಕಾಲೇಜಿನ ವಿವಿಧ ವಿಭಾಗ, ಸಿದ್ದಾರ್ಥ ದಂತ ಕಾಲೇಜಿನ ಸಿದ್ದಾರ್ಥ ಸ್ಮೈಲ್ಸ್ ಹಾಗೂ ಶ್ರೀ ಸಿದ್ದಾರ್ಥ ವೈದ್ಯಕೀಯ ಕಾಲೇಜಿನ ಸೌರ ಸ್ಥಾವರ ಕೇಂದ್ರಕ್ಕೆ ಭೇಟಿ ನೀಡಿ ಮಾಹಿತಿಗಳ ವಿನಿಮಯ ಮಾಡಿಕೊಂಡಿತು. ಆನಂತರ ತುಮಕೂರು ನಗರದ ಶ್ರೀ ಸಿದ್ದಾರ್ಥ ಇಂಜಿನಿಯರಿಂಗ್ ಕಾಲೇಜಿನ ಮೂಲಭೂತ ಸೌಕರ್ಯಗಳ ಕೇಂದ್ರ, ಪ್ರಾಜೆಕ್ಟ್ ಲ್ಯಾಬ್, ಗೋಳಾಕೃತಿಯ ಗ್ರಂಥಾಲಯಕ್ಕೂ ಭೇಟಿಕೊಟ್ಟು, ಮೆಚ್ಚುಗೆ ವ್ಯಕ್ತಪಡಿಸಿತು.
